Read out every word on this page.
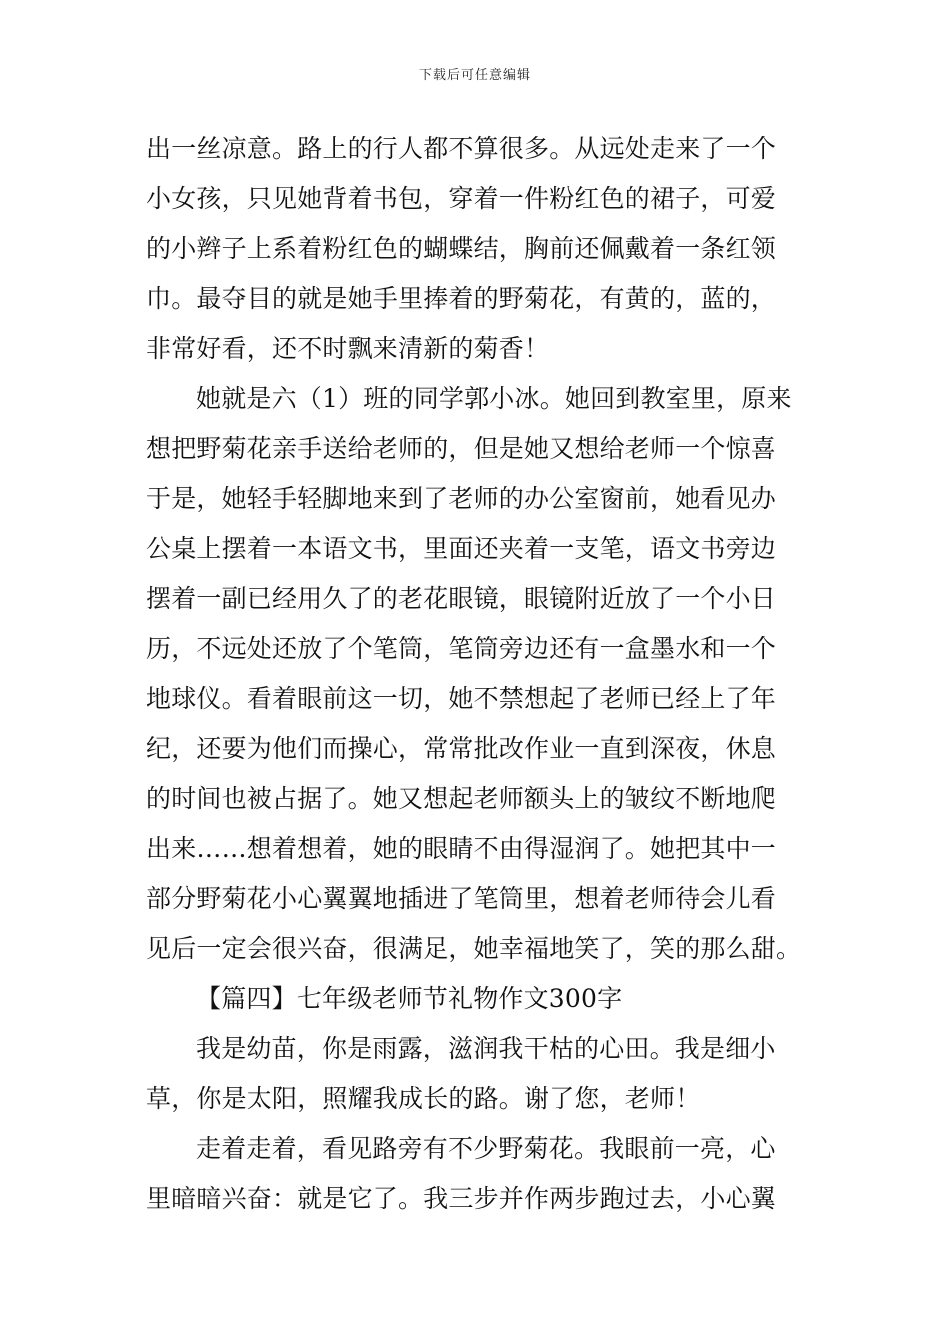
下载后可任意编辑
出一丝凉意。路上的行人都不算很多。从远处走来了一个
小女孩，只见她背着书包，穿着一件粉红色的裙子，可爱
的小辫子上系着粉红色的蝴蝶结，胸前还佩戴着一条红领
巾。最夺目的就是她手里捧着的野菊花，有黄的，蓝的，
非常好看，还不时飘来清新的菊香！
她就是六（1）班的同学郭小冰。她回到教室里，原来
想把野菊花亲手送给老师的，但是她又想给老师一个惊喜
于是，她轻手轻脚地来到了老师的办公室窗前，她看见办
公桌上摆着一本语文书，里面还夹着一支笔，语文书旁边
摆着一副已经用久了的老花眼镜，眼镜附近放了一个小日
历，不远处还放了个笔筒，笔筒旁边还有一盒墨水和一个
地球仪。看着眼前这一切，她不禁想起了老师已经上了年
纪，还要为他们而操心，常常批改作业一直到深夜，休息
的时间也被占据了。她又想起老师额头上的皱纹不断地爬
出来……想着想着，她的眼睛不由得湿润了。她把其中一
部分野菊花小心翼翼地插进了笔筒里，想着老师待会儿看
见后一定会很兴奋，很满足，她幸福地笑了，笑的那么甜。
【篇四】七年级老师节礼物作文300字
我是幼苗，你是雨露，滋润我干枯的心田。我是细小
草，你是太阳，照耀我成长的路。谢了您，老师！
走着走着，看见路旁有不少野菊花。我眼前一亮，心
里暗暗兴奋：就是它了。我三步并作两步跑过去，小心翼
